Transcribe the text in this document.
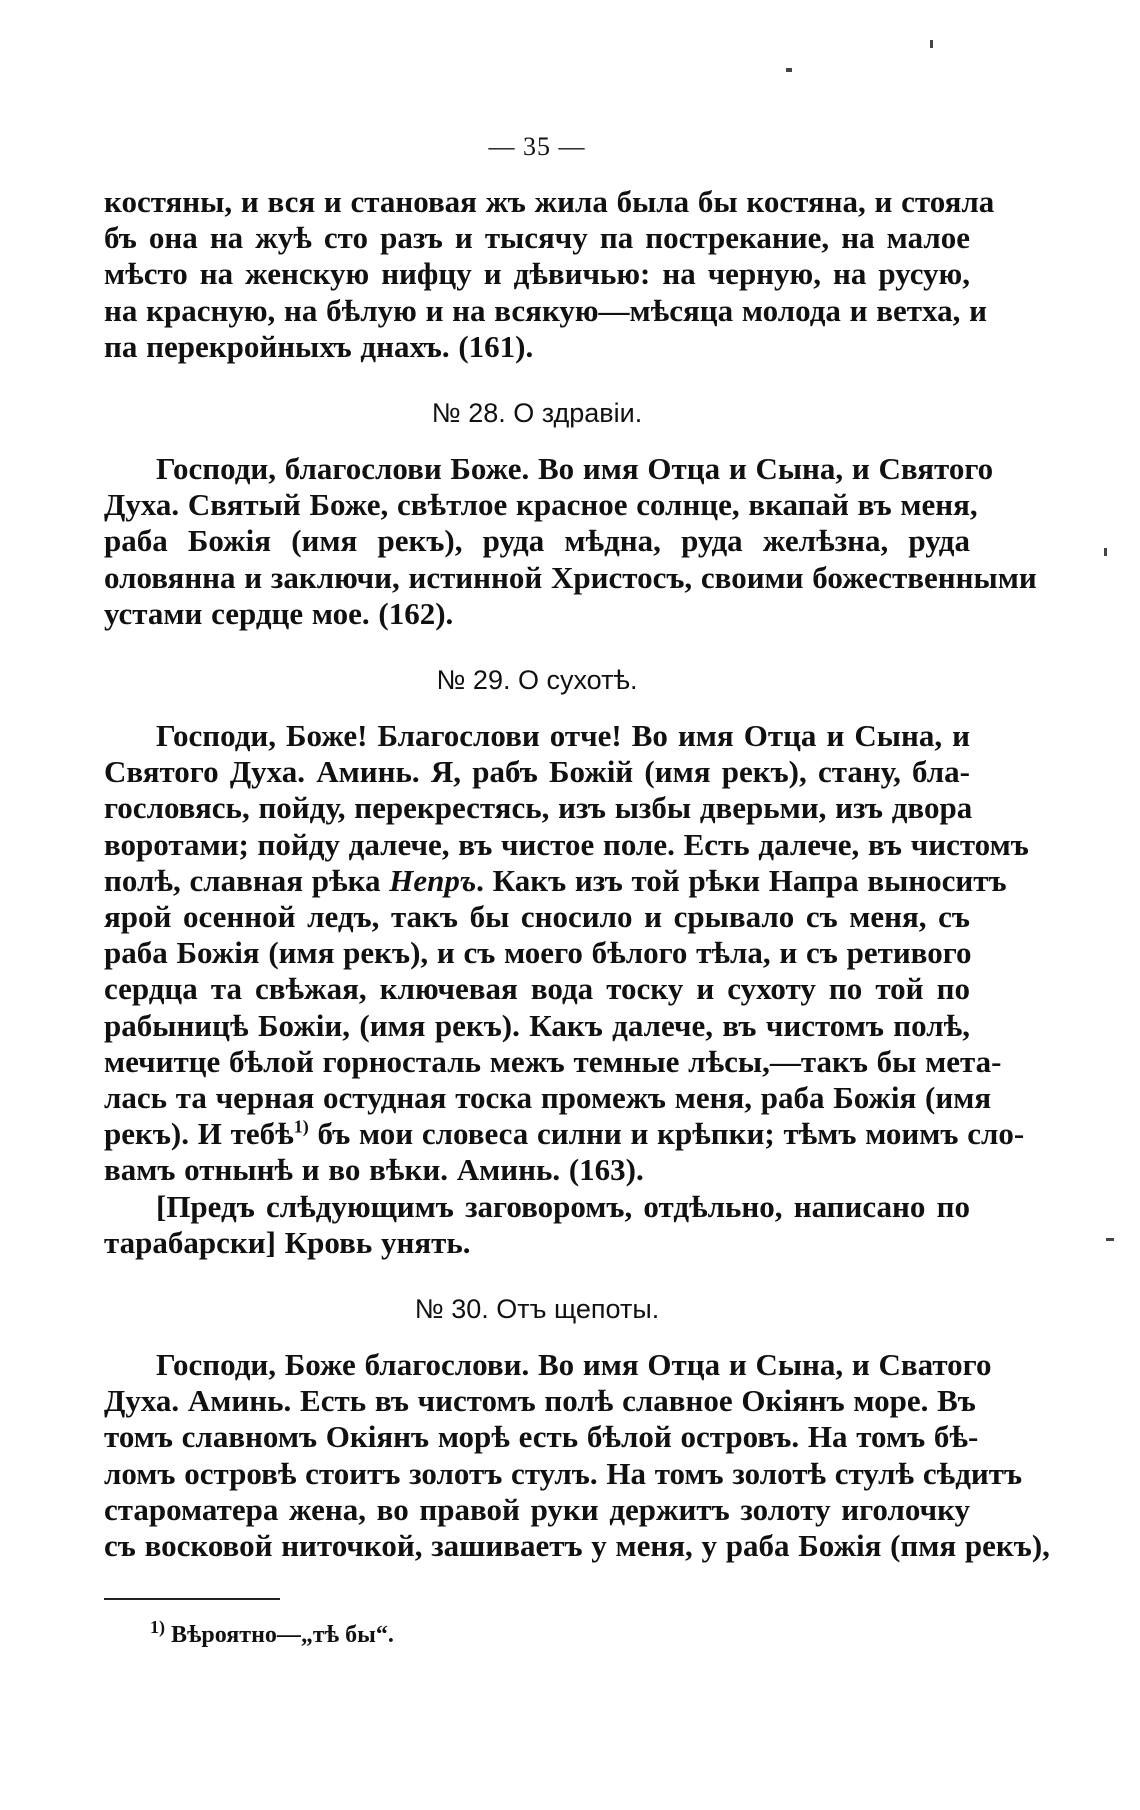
— 35 —
костяны, и вся и становая жъ жила была бы костяна, и стояла
бъ она на жуѣ сто разъ и тысячу па пострекание, на малое
мѣсто на женскую нифцу и дѣвичью: на черную, на русую,
на красную, на бѣлую и на всякую—мѣсяца молода и ветха, и
па перекройныхъ днахъ. (161).
№ 28. О здравiи.
Господи, благослови Боже. Во имя Отца и Сына, и Святого
Духа. Святый Боже, свѣтлое красное солнце, вкапай въ меня,
раба Божiя (имя рекъ), руда мѣдна, руда желѣзна, руда
оловянна и заключи, истинной Христосъ, своими божественными
устами сердце мое. (162).
№ 29. О сухотѣ.
Господи, Боже! Благослови отче! Во имя Отца и Сына, и
Святого Духа. Аминь. Я, рабъ Божiй (имя рекъ), стану, бла-
гословясь, пойду, перекрестясь, изъ ызбы дверьми, изъ двора
воротами; пойду далече, въ чистое поле. Есть далече, въ чистомъ
полѣ, славная рѣка Непръ. Какъ изъ той рѣки Напра выноситъ
ярой осенной ледъ, такъ бы сносило и срывало съ меня, съ
раба Божiя (имя рекъ), и съ моего бѣлого тѣла, и съ ретивого
сердца та свѣжая, ключевая вода тоску и сухоту по той по
рабыницѣ Божiи, (имя рекъ). Какъ далече, въ чистомъ полѣ,
мечитце бѣлой горносталь межъ темные лѣсы,—такъ бы мета-
лась та черная остудная тоска промежъ меня, раба Божiя (имя
рекъ). И тебѣ$^{1)}$ бъ мои словеса силни и крѣпки; тѣмъ моимъ сло-
вамъ отнынѣ и во вѣки. Аминь. (163).
[Предъ слѣдующимъ заговоромъ, отдѣльно, написано по
тарабарски] Кровь унять.
№ 30. Отъ щепоты.
Господи, Боже благослови. Во имя Отца и Сына, и Сватого
Духа. Аминь. Есть въ чистомъ полѣ славное Окiянъ море. Въ
томъ славномъ Окiянъ морѣ есть бѣлой островъ. На томъ бѣ-
ломъ островѣ стоитъ золотъ стулъ. На томъ золотѣ стулѣ сѣдитъ
староматера жена, во правой руки держитъ золоту иголочку
съ восковой ниточкой, зашиваетъ у меня, у раба Божiя (пмя рекъ),
$^{1)}$ Вѣроятно—„тѣ бы“.
